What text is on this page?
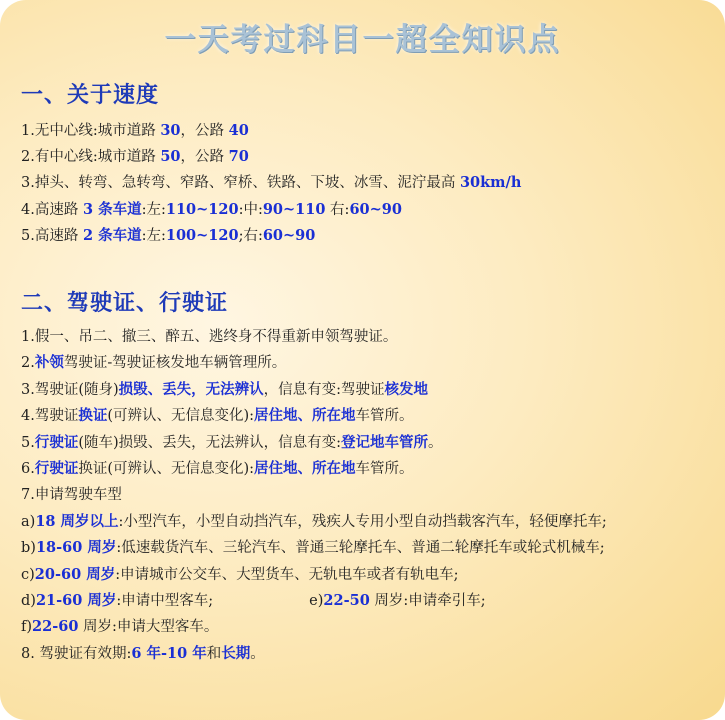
一天考过科目一超全知识点
一、关于速度
1.无中心线:城市道路 30，公路 40
2.有中心线:城市道路 50，公路 70
3.掉头、转弯、急转弯、窄路、窄桥、铁路、下坡、冰雪、泥泞最高 30km/h
4.高速路 3 条车道:左:110~120:中:90~110 右:60~90
5.高速路 2 条车道:左:100~120;右:60~90
二、驾驶证、行驶证
1.假一、吊二、撤三、醉五、逃终身不得重新申领驾驶证。
2.补领驾驶证-驾驶证核发地车辆管理所。
3.驾驶证(随身)损毁、丢失，无法辨认，信息有变:驾驶证核发地
4.驾驶证换证(可辨认、无信息变化):居住地、所在地车管所。
5.行驶证(随车)损毁、丢失，无法辨认，信息有变:登记地车管所。
6.行驶证换证(可辨认、无信息变化):居住地、所在地车管所。
7.申请驾驶车型
a)18 周岁以上:小型汽车，小型自动挡汽车，残疾人专用小型自动挡载客汽车，轻便摩托车;
b)18-60 周岁:低速载货汽车、三轮汽车、普通三轮摩托车、普通二轮摩托车或轮式机械车;
c)20-60 周岁:申请城市公交车、大型货车、无轨电车或者有轨电车;
d)21-60 周岁:申请中型客车;	e)22-50 周岁:申请牵引车;
f)22-60 周岁:申请大型客车。
8. 驾驶证有效期:6 年-10 年和长期。
